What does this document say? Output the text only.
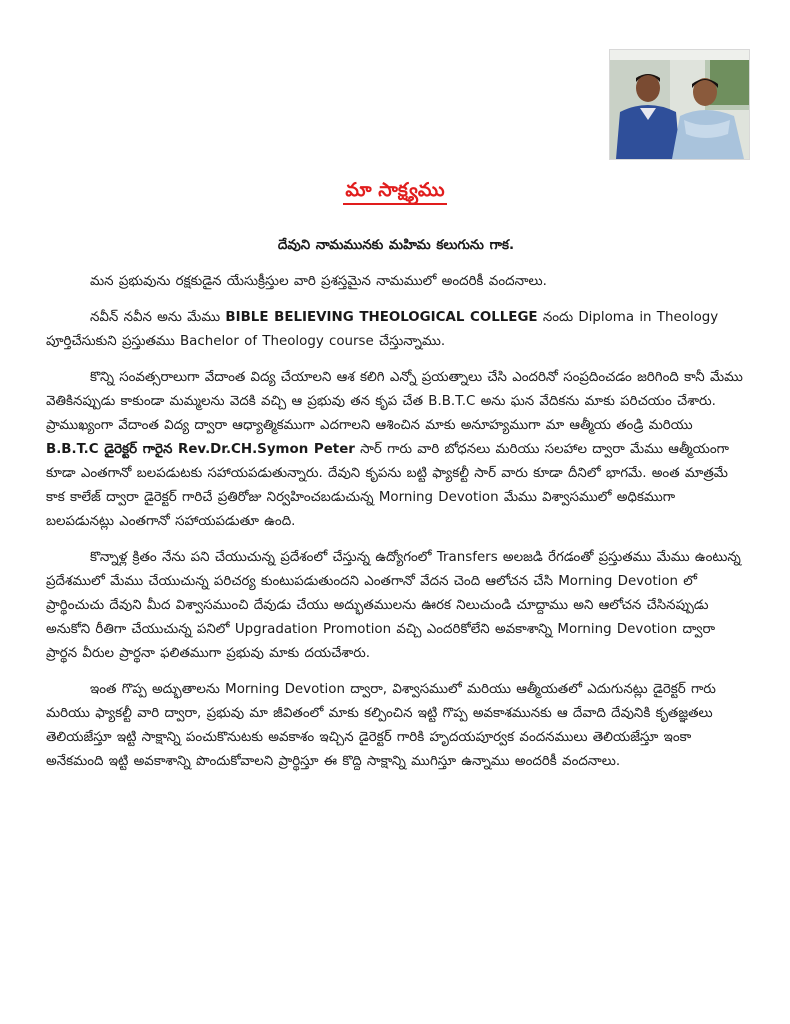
మా సాక్ష్యము

దేవుని నామమునకు మహిమ కలుగును గాక.

మన ప్రభువును రక్షకుడైన యేసుక్రీస్తుల వారి ప్రశస్తమైన నామములో అందరికీ వందనాలు.

నవీన్ నవీన అను మేము BIBLE BELIEVING THEOLOGICAL COLLEGE నందు Diploma in Theology పూర్తిచేసుకుని ప్రస్తుతము Bachelor of Theology course చేస్తున్నాము.

కొన్ని సంవత్సరాలుగా వేదాంత విద్య చేయాలని ఆశ కలిగి ఎన్నో ప్రయత్నాలు చేసి ఎందరినో సంప్రదించడం జరిగింది కానీ మేము వెతికినప్పుడు కాకుండా మమ్మలను వెదకి వచ్చి ఆ ప్రభువు తన కృప చేత B.B.T.C అను ఘన వేదికను మాకు పరిచయం చేశారు. ప్రాముఖ్యంగా వేదాంత విద్య ద్వారా ఆధ్యాత్మికముగా ఎదగాలని ఆశించిన మాకు అనూహ్యముగా మా ఆత్మీయ తండ్రి మరియు B.B.T.C డైరెక్టర్ గారైన Rev.Dr.CH.Symon Peter సార్ గారు వారి బోధనలు మరియు సలహాల ద్వారా మేము ఆత్మీయంగా కూడా ఎంతగానో బలపడుటకు సహాయపడుతున్నారు. దేవుని కృపను బట్టి ఫ్యాకల్టీ సార్ వారు కూడా దీనిలో భాగమే. అంత మాత్రమే కాక కాలేజ్ ద్వారా డైరెక్టర్ గారిచే ప్రతిరోజు నిర్వహించబడుచున్న Morning Devotion మేము విశ్వాసములో అధికముగా బలపడునట్లు ఎంతగానో సహాయపడుతూ ఉంది.

కొన్నాళ్ల క్రితం నేను పని చేయుచున్న ప్రదేశంలో చేస్తున్న ఉద్యోగంలో Transfers అలజడి రేగడంతో ప్రస్తుతము మేము ఉంటున్న ప్రదేశములో మేము చేయుచున్న పరిచర్య కుంటుపడుతుందని ఎంతగానో వేదన చెంది ఆలోచన చేసి Morning Devotion లో ప్రార్థించుచు దేవుని మీద విశ్వాసముంచి దేవుడు చేయు అద్భుతములను ఊరక నిలుచుండి చూద్దాము అని ఆలోచన చేసినప్పుడు అనుకోని రీతిగా చేయుచున్న పనిలో Upgradation Promotion వచ్చి ఎందరికోలేని అవకాశాన్ని Morning Devotion ద్వారా ప్రార్థన వీరుల ప్రార్థనా ఫలితముగా ప్రభువు మాకు దయచేశారు.

ఇంత గొప్ప అద్భుతాలను Morning Devotion ద్వారా, విశ్వాసములో మరియు ఆత్మీయతలో ఎదుగునట్లు డైరెక్టర్ గారు మరియు ఫ్యాకల్టీ వారి ద్వారా, ప్రభువు మా జీవితంలో మాకు కల్పించిన ఇట్టి గొప్ప అవకాశమునకు ఆ దేవాది దేవునికి కృతజ్ఞతలు తెలియజేస్తూ ఇట్టి సాక్షాన్ని పంచుకొనుటకు అవకాశం ఇచ్చిన డైరెక్టర్ గారికి హృదయపూర్వక వందనములు తెలియజేస్తూ ఇంకా అనేకమంది ఇట్టి అవకాశాన్ని పొందుకోవాలని ప్రార్థిస్తూ ఈ కొద్ది సాక్షాన్ని ముగిస్తూ ఉన్నాము అందరికీ వందనాలు.
